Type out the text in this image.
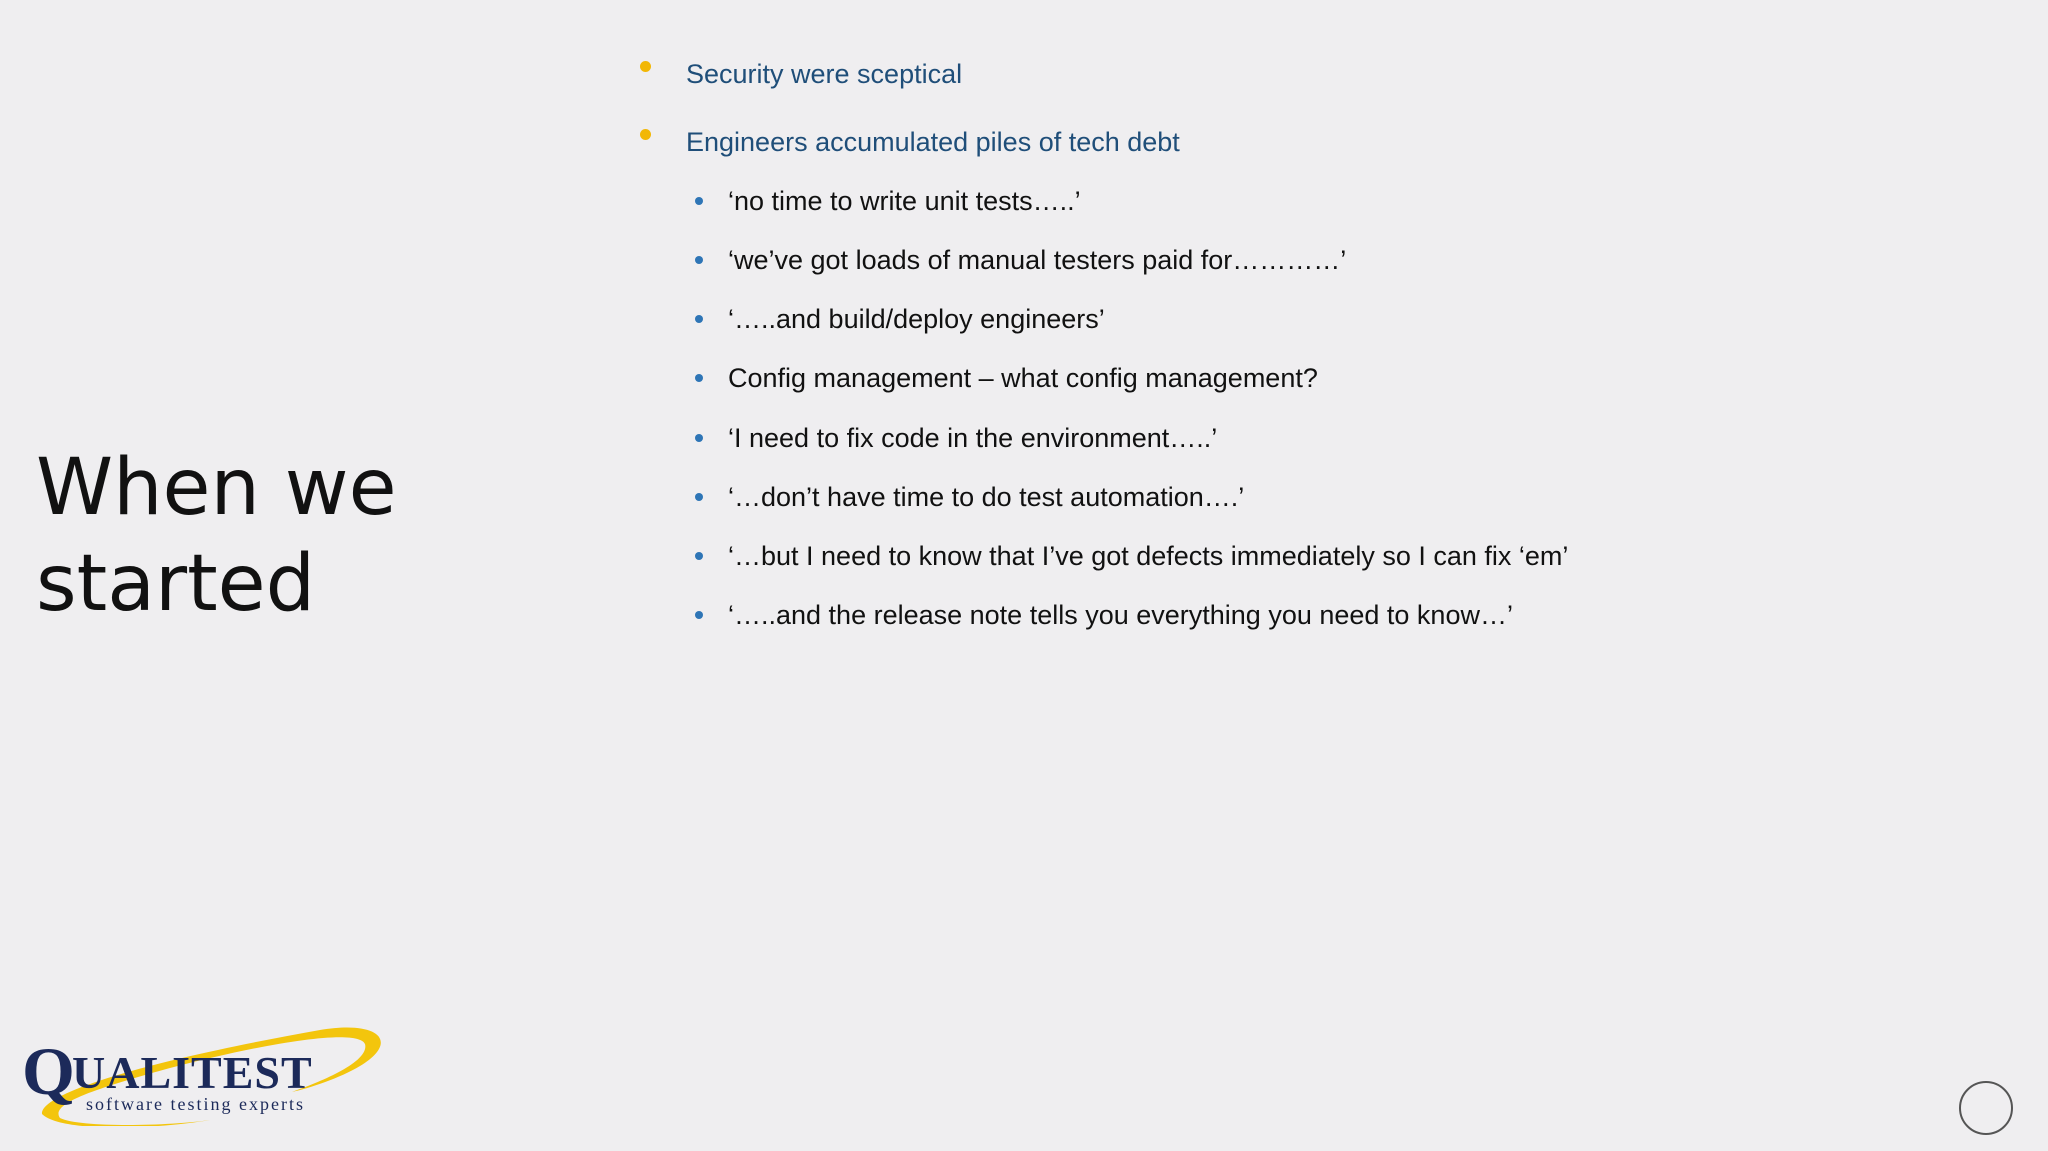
When we started
Security were sceptical
Engineers accumulated piles of tech debt
‘no time to write unit tests…..’
‘we’ve got loads of manual testers paid for…………’
‘…..and build/deploy engineers’
Config management – what config management?
‘I need to fix code in the environment…..’
‘…don’t have time to do test automation….’
‘…but I need to know that I’ve got defects immediately so I can fix ‘em’
‘…..and the release note tells you everything you need to know…’
Q
UALITEST
software testing experts
